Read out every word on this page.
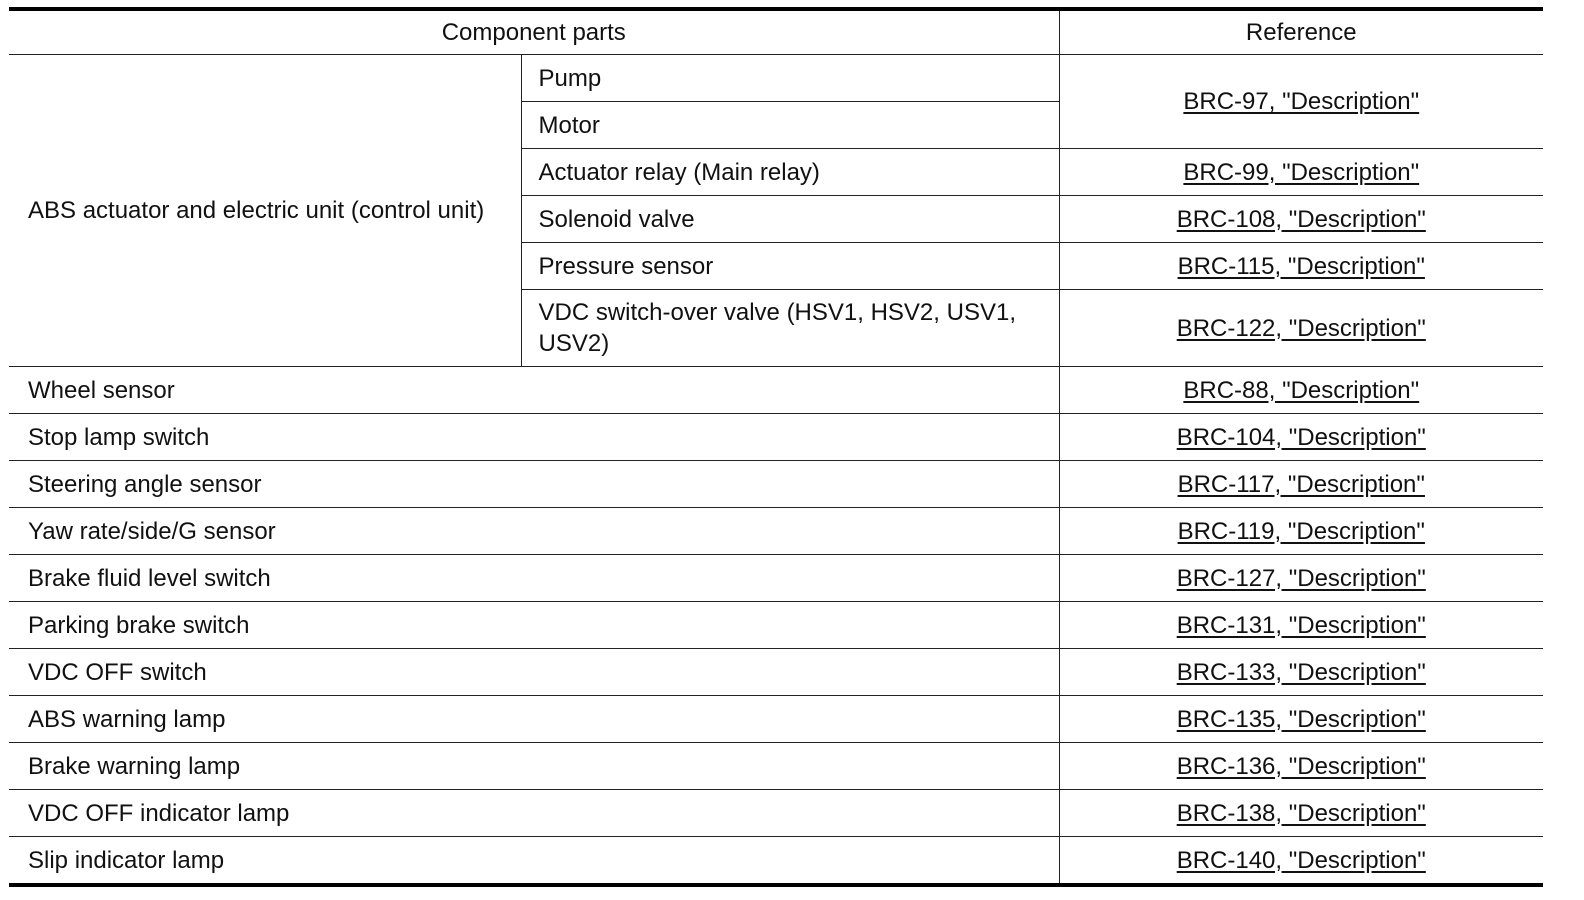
Component parts		Reference
ABS actuator and electric unit (control unit)	Pump	BRC-97, "Description"
	Motor	
	Actuator relay (Main relay)	BRC-99, "Description"
	Solenoid valve	BRC-108, "Description"
	Pressure sensor	BRC-115, "Description"
	VDC switch-over valve (HSV1, HSV2, USV1, USV2)	BRC-122, "Description"
Wheel sensor		BRC-88, "Description"
Stop lamp switch		BRC-104, "Description"
Steering angle sensor		BRC-117, "Description"
Yaw rate/side/G sensor		BRC-119, "Description"
Brake fluid level switch		BRC-127, "Description"
Parking brake switch		BRC-131, "Description"
VDC OFF switch		BRC-133, "Description"
ABS warning lamp		BRC-135, "Description"
Brake warning lamp		BRC-136, "Description"
VDC OFF indicator lamp		BRC-138, "Description"
Slip indicator lamp		BRC-140, "Description"
